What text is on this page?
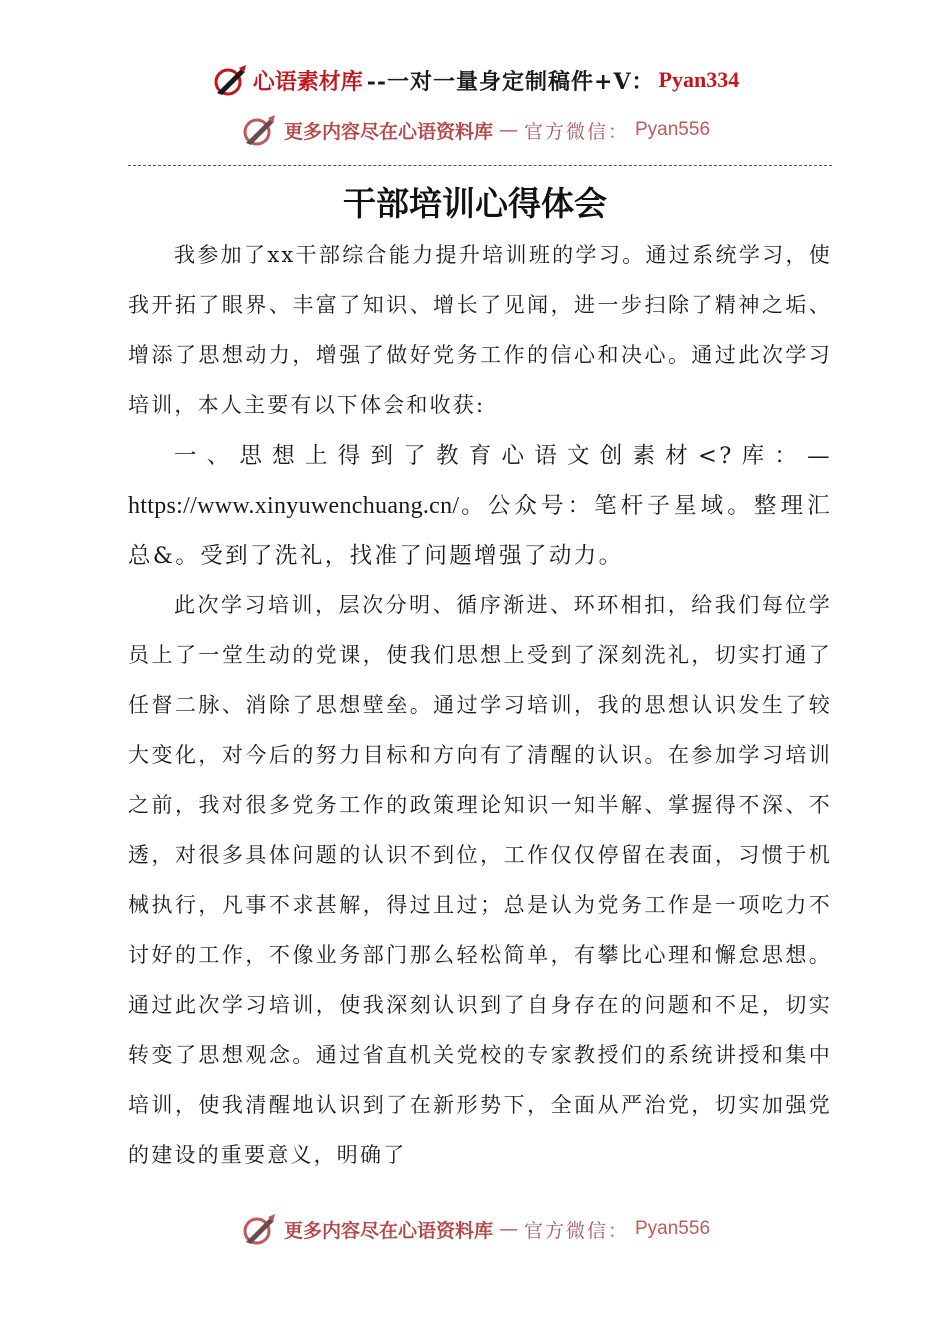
心语素材库 --一对一量身定制稿件+V： Pyan334
更多内容尽在心语资料库 — 官方微信： Pyan556
干部培训心得体会

我参加了xx干部综合能力提升培训班的学习。通过系统学习，使我开拓了眼界、丰富了知识、增长了见闻，进一步扫除了精神之垢、增添了思想动力，增强了做好党务工作的信心和决心。通过此次学习培训，本人主要有以下体会和收获:

一、思想上得到了教育心语文创素材<?库：—https://www.xinyuwenchuang.cn/。公众号：笔杆子星域。整理汇总&。受到了洗礼，找准了问题增强了动力。

此次学习培训，层次分明、循序渐进、环环相扣，给我们每位学员上了一堂生动的党课，使我们思想上受到了深刻洗礼，切实打通了任督二脉、消除了思想壁垒。通过学习培训，我的思想认识发生了较大变化，对今后的努力目标和方向有了清醒的认识。在参加学习培训之前，我对很多党务工作的政策理论知识一知半解、掌握得不深、不透，对很多具体问题的认识不到位，工作仅仅停留在表面，习惯于机械执行，凡事不求甚解，得过且过；总是认为党务工作是一项吃力不讨好的工作，不像业务部门那么轻松简单，有攀比心理和懈怠思想。通过此次学习培训，使我深刻认识到了自身存在的问题和不足，切实转变了思想观念。通过省直机关党校的专家教授们的系统讲授和集中培训，使我清醒地认识到了在新形势下，全面从严治党，切实加强党的建设的重要意义，明确了

更多内容尽在心语资料库 — 官方微信： Pyan556
